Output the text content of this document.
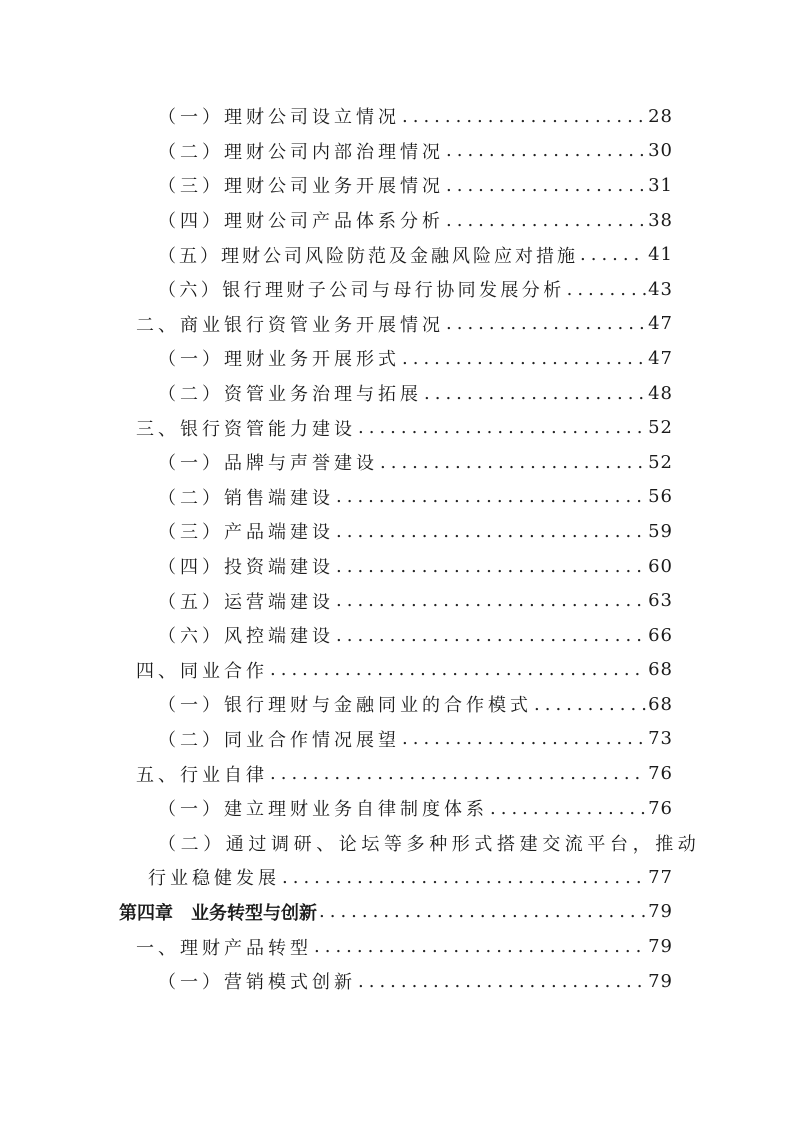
（一）理财公司设立情况 .....	28
（二）理财公司内部治理情况 .....	30
（三）理财公司业务开展情况 .....	31
（四）理财公司产品体系分析 .....	38
（五）理财公司风险防范及金融风险应对措施 .....	41
（六）银行理财子公司与母行协同发展分析 .....	43
二、商业银行资管业务开展情况 .....	47
（一）理财业务开展形式 .....	47
（二）资管业务治理与拓展 .....	48
三、银行资管能力建设 .....	52
（一）品牌与声誉建设 .....	52
（二）销售端建设 .....	56
（三）产品端建设 .....	59
（四）投资端建设 .....	60
（五）运营端建设 .....	63
（六）风控端建设 .....	66
四、同业合作 .....	68
（一）银行理财与金融同业的合作模式 .....	68
（二）同业合作情况展望 .....	73
五、行业自律 .....	76
（一）建立理财业务自律制度体系 .....	76
（二）通过调研、论坛等多种形式搭建交流平台，推动
行业稳健发展 .....	77
第四章 业务转型与创新 .....	79
一、理财产品转型 .....	79
（一）营销模式创新 .....	79
